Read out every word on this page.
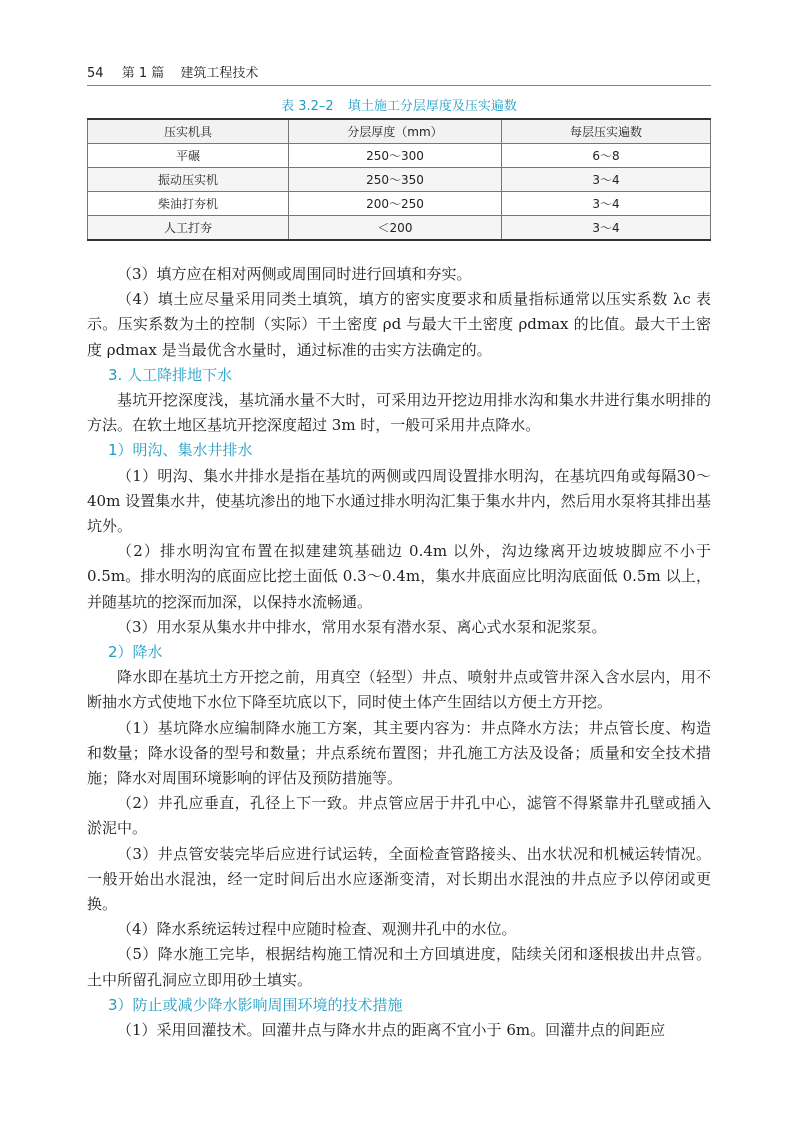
54 第 1 篇 建筑工程技术
表 3.2–2 填土施工分层厚度及压实遍数
压实机具	分层厚度（mm）	每层压实遍数
平碾	250～300	6～8
振动压实机	250～350	3～4
柴油打夯机	200～250	3～4
人工打夯	＜200	3～4

（3）填方应在相对两侧或周围同时进行回填和夯实。

（4）填土应尽量采用同类土填筑，填方的密实度要求和质量指标通常以压实系数 λc 表示。压实系数为土的控制（实际）干土密度 ρd 与最大干土密度 ρdmax 的比值。最大干土密度 ρdmax 是当最优含水量时，通过标准的击实方法确定的。

3. 人工降排地下水

基坑开挖深度浅，基坑涌水量不大时，可采用边开挖边用排水沟和集水井进行集水明排的方法。在软土地区基坑开挖深度超过 3m 时，一般可采用井点降水。

1）明沟、集水井排水

（1）明沟、集水井排水是指在基坑的两侧或四周设置排水明沟，在基坑四角或每隔30～40m 设置集水井，使基坑渗出的地下水通过排水明沟汇集于集水井内，然后用水泵将其排出基坑外。

（2）排水明沟宜布置在拟建建筑基础边 0.4m 以外，沟边缘离开边坡坡脚应不小于 0.5m。排水明沟的底面应比挖土面低 0.3～0.4m，集水井底面应比明沟底面低 0.5m 以上，并随基坑的挖深而加深，以保持水流畅通。

（3）用水泵从集水井中排水，常用水泵有潜水泵、离心式水泵和泥浆泵。

2）降水

降水即在基坑土方开挖之前，用真空（轻型）井点、喷射井点或管井深入含水层内，用不断抽水方式使地下水位下降至坑底以下，同时使土体产生固结以方便土方开挖。

（1）基坑降水应编制降水施工方案，其主要内容为：井点降水方法；井点管长度、构造和数量；降水设备的型号和数量；井点系统布置图；井孔施工方法及设备；质量和安全技术措施；降水对周围环境影响的评估及预防措施等。

（2）井孔应垂直，孔径上下一致。井点管应居于井孔中心，滤管不得紧靠井孔壁或插入淤泥中。

（3）井点管安装完毕后应进行试运转，全面检查管路接头、出水状况和机械运转情况。一般开始出水混浊，经一定时间后出水应逐渐变清，对长期出水混浊的井点应予以停闭或更换。

（4）降水系统运转过程中应随时检查、观测井孔中的水位。

（5）降水施工完毕，根据结构施工情况和土方回填进度，陆续关闭和逐根拔出井点管。土中所留孔洞应立即用砂土填实。

3）防止或减少降水影响周围环境的技术措施

（1）采用回灌技术。回灌井点与降水井点的距离不宜小于 6m。回灌井点的间距应
